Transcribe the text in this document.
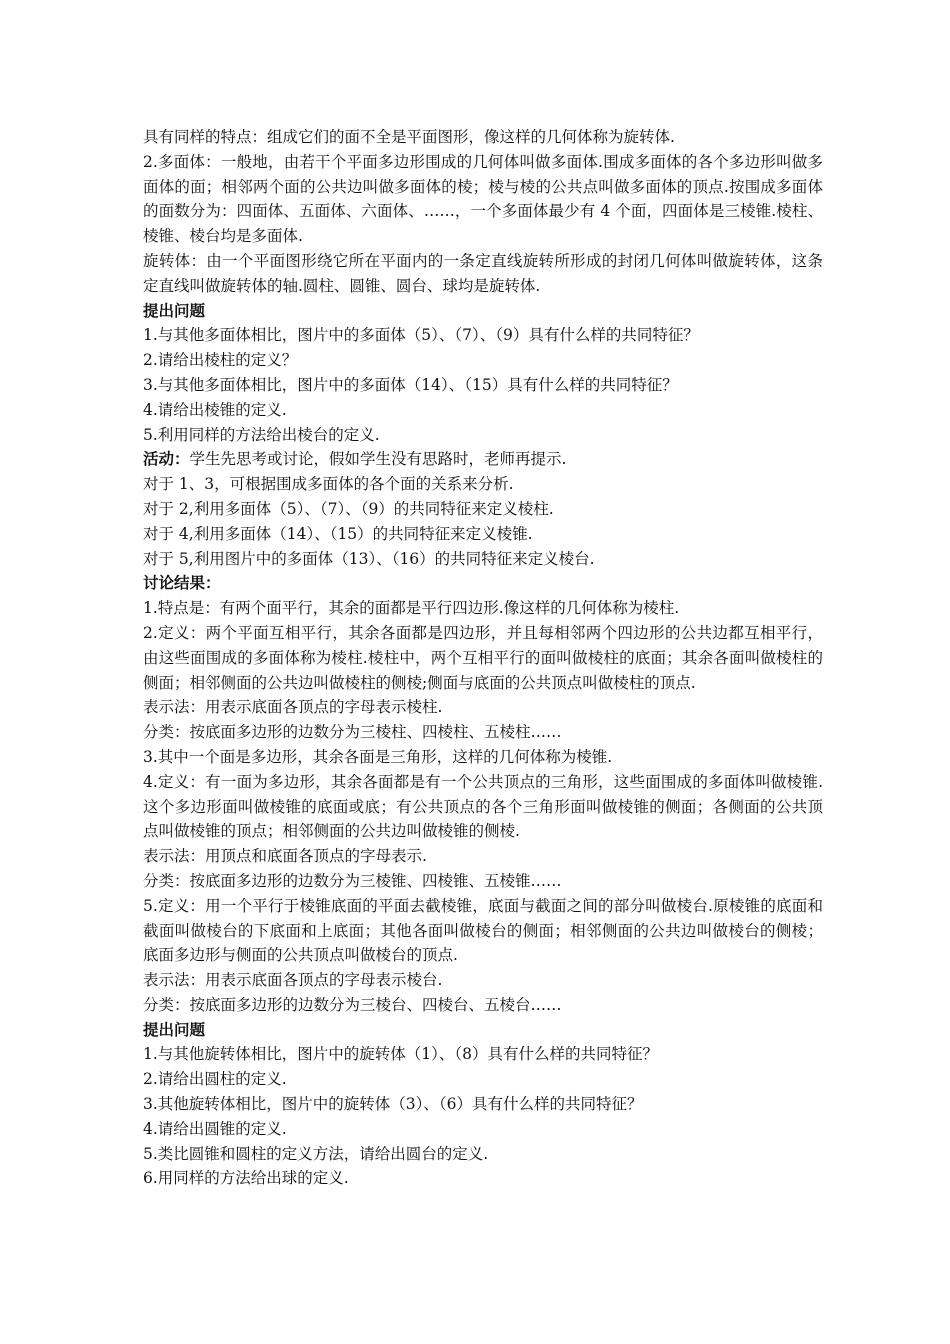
具有同样的特点：组成它们的面不全是平面图形，像这样的几何体称为旋转体.

2.多面体：一般地，由若干个平面多边形围成的几何体叫做多面体.围成多面体的各个多边形叫做多面体的面；相邻两个面的公共边叫做多面体的棱；棱与棱的公共点叫做多面体的顶点.按围成多面体的面数分为：四面体、五面体、六面体、……，一个多面体最少有 4 个面，四面体是三棱锥.棱柱、棱锥、棱台均是多面体.

旋转体：由一个平面图形绕它所在平面内的一条定直线旋转所形成的封闭几何体叫做旋转体，这条定直线叫做旋转体的轴.圆柱、圆锥、圆台、球均是旋转体.

提出问题

1.与其他多面体相比，图片中的多面体（5）、（7）、（9）具有什么样的共同特征？

2.请给出棱柱的定义？

3.与其他多面体相比，图片中的多面体（14）、（15）具有什么样的共同特征？

4.请给出棱锥的定义.

5.利用同样的方法给出棱台的定义.

活动：学生先思考或讨论，假如学生没有思路时，老师再提示.

对于 1、3，可根据围成多面体的各个面的关系来分析.

对于 2,利用多面体（5）、（7）、（9）的共同特征来定义棱柱.

对于 4,利用多面体（14）、（15）的共同特征来定义棱锥.

对于 5,利用图片中的多面体（13）、（16）的共同特征来定义棱台.

讨论结果：

1.特点是：有两个面平行，其余的面都是平行四边形.像这样的几何体称为棱柱.

2.定义：两个平面互相平行，其余各面都是四边形，并且每相邻两个四边形的公共边都互相平行，由这些面围成的多面体称为棱柱.棱柱中，两个互相平行的面叫做棱柱的底面；其余各面叫做棱柱的侧面；相邻侧面的公共边叫做棱柱的侧棱;侧面与底面的公共顶点叫做棱柱的顶点.

表示法：用表示底面各顶点的字母表示棱柱.

分类：按底面多边形的边数分为三棱柱、四棱柱、五棱柱……

3.其中一个面是多边形，其余各面是三角形，这样的几何体称为棱锥.

4.定义：有一面为多边形，其余各面都是有一个公共顶点的三角形，这些面围成的多面体叫做棱锥.这个多边形面叫做棱锥的底面或底；有公共顶点的各个三角形面叫做棱锥的侧面；各侧面的公共顶点叫做棱锥的顶点；相邻侧面的公共边叫做棱锥的侧棱.

表示法：用顶点和底面各顶点的字母表示.

分类：按底面多边形的边数分为三棱锥、四棱锥、五棱锥……

5.定义：用一个平行于棱锥底面的平面去截棱锥，底面与截面之间的部分叫做棱台.原棱锥的底面和截面叫做棱台的下底面和上底面；其他各面叫做棱台的侧面；相邻侧面的公共边叫做棱台的侧棱；底面多边形与侧面的公共顶点叫做棱台的顶点.

表示法：用表示底面各顶点的字母表示棱台.

分类：按底面多边形的边数分为三棱台、四棱台、五棱台……

提出问题

1.与其他旋转体相比，图片中的旋转体（1）、（8）具有什么样的共同特征？

2.请给出圆柱的定义.

3.其他旋转体相比，图片中的旋转体（3）、（6）具有什么样的共同特征？

4.请给出圆锥的定义.

5.类比圆锥和圆柱的定义方法，请给出圆台的定义.

6.用同样的方法给出球的定义.
